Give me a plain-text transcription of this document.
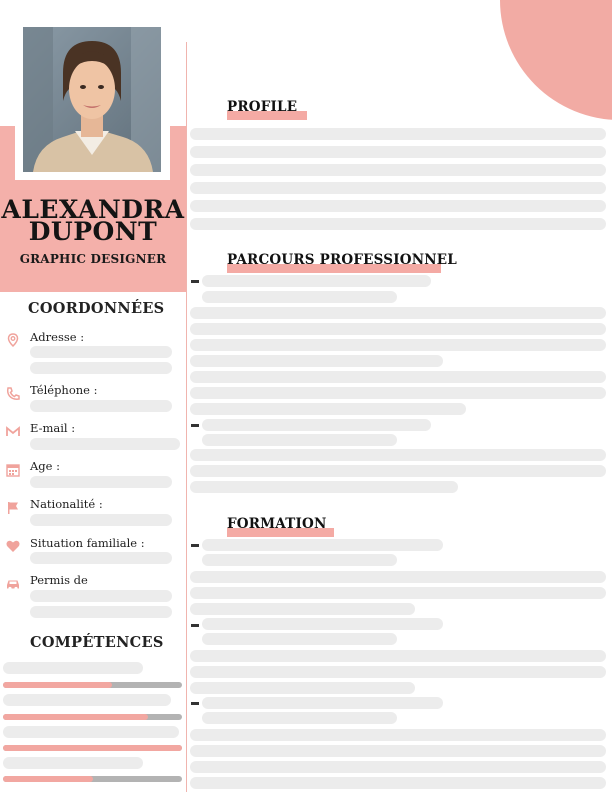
ALEXANDRA
DUPONT
GRAPHIC DESIGNER
COORDONNÉES
Adresse :
Téléphone :
E-mail :
Age :
Nationalité :
Situation familiale :
Permis de
COMPÉTENCES
PROFILE
PARCOURS PROFESSIONNEL
FORMATION
